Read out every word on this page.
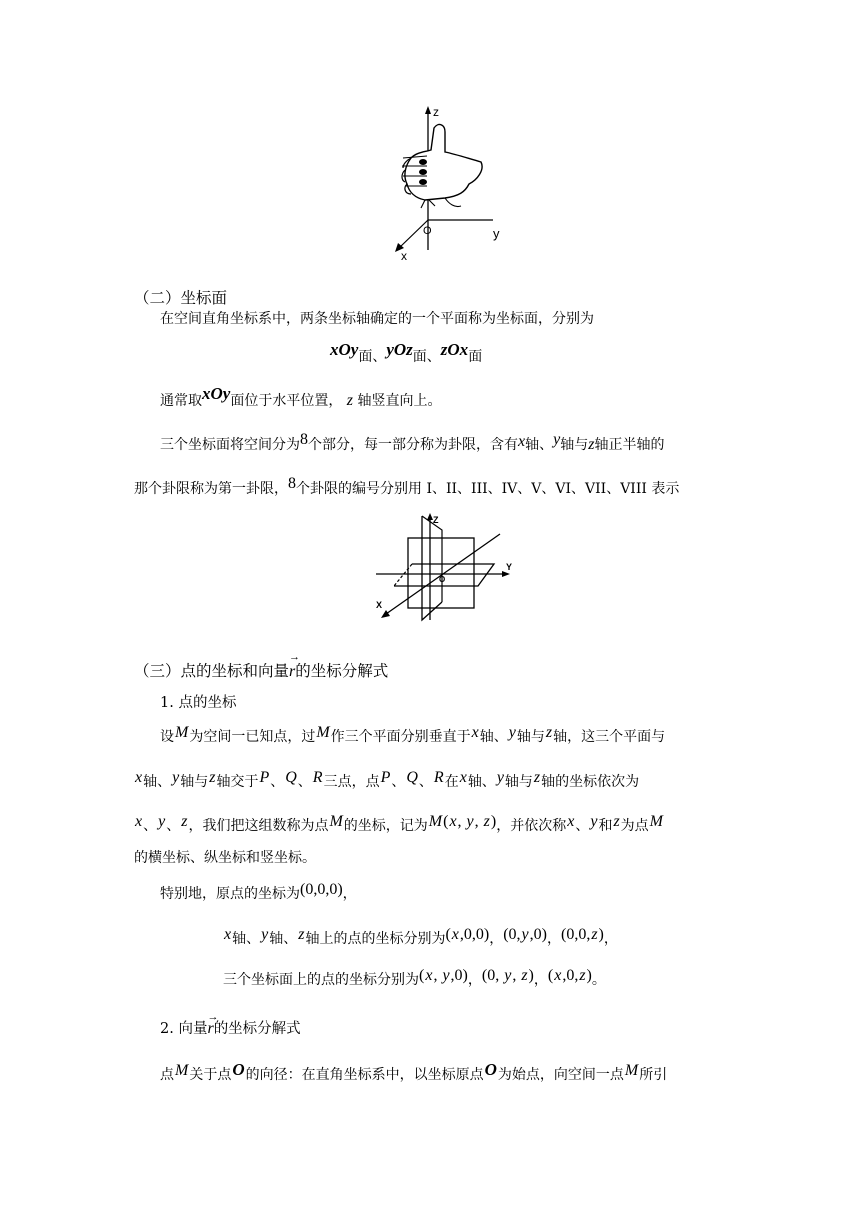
z
y
x
O
（二）坐标面
在空间直角坐标系中，两条坐标轴确定的一个平面称为坐标面，分别为
xOy面、yOz面、zOx面
通常取xOy面位于水平位置， z 轴竖直向上。
三个坐标面将空间分为8个部分，每一部分称为卦限，含有x轴、y轴与z轴正半轴的
那个卦限称为第一卦限，8个卦限的编号分别用 I、II、III、IV、V、VI、VII、VIII 表示
Z
Y
X
O
（三）点的坐标和向量
→
r的坐标分解式
1. 点的坐标
设M为空间一已知点，过M作三个平面分别垂直于x轴、y轴与z轴，这三个平面与
x轴、y轴与z轴交于P、Q、R三点，点P、Q、R在x轴、y轴与z轴的坐标依次为
x、y、z，我们把这组数称为点M的坐标，记为M(x, y, z)，并依次称x、y和z为点M
的横坐标、纵坐标和竖坐标。
特别地，原点的坐标为(0,0,0)，
x轴、y轴、z轴上的点的坐标分别为(x,0,0)，(0,y,0)，(0,0,z)，
三个坐标面上的点的坐标分别为(x, y,0)，(0, y, z)，(x,0,z)。
2. 向量
→
r的坐标分解式
点M关于点O的向径：在直角坐标系中，以坐标原点O为始点，向空间一点M所引
